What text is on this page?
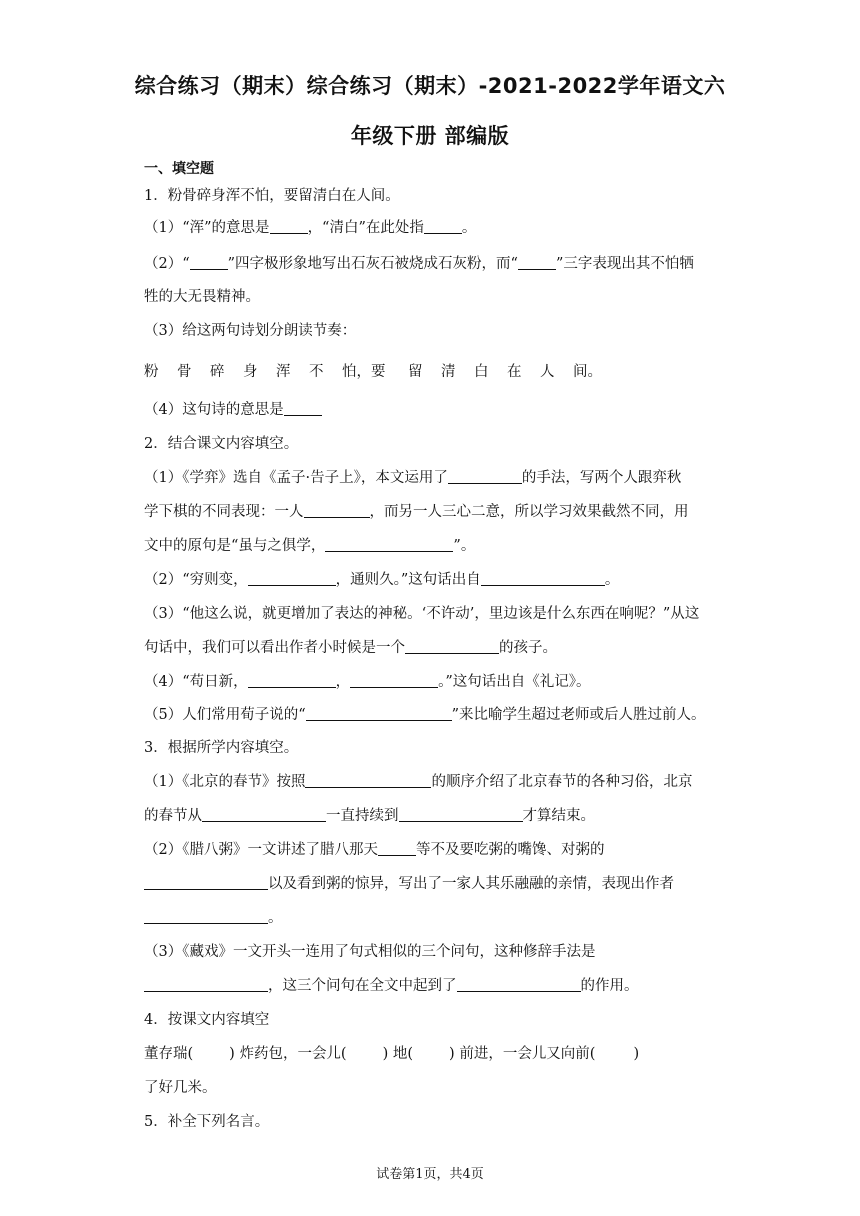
综合练习（期末）综合练习（期末）-2021-2022学年语文六
年级下册 部编版
一、填空题
1．粉骨碎身浑不怕，要留清白在人间。
（1）“浑”的意思是	，“清白”在此处指	。
（2）“	”四字极形象地写出石灰石被烧成石灰粉，而“	”三字表现出其不怕牺
牲的大无畏精神。
（3）给这两句诗划分朗读节奏：
粉 骨 碎 身 浑 不 怕，要 留 清 白 在 人 间。
（4）这句诗的意思是
2．结合课文内容填空。
（1）《学弈》选自《孟子·告子上》，本文运用了	的手法，写两个人跟弈秋
学下棋的不同表现：一人	，而另一人三心二意，所以学习效果截然不同，用
文中的原句是“虽与之俱学，	”。
（2）“穷则变，	，通则久。”这句话出自	。
（3）“他这么说，就更增加了表达的神秘。‘不许动’，里边该是什么东西在响呢？”从这
句话中，我们可以看出作者小时候是一个	的孩子。
（4）“苟日新，	，	。”这句话出自《礼记》。
（5）人们常用荀子说的“	”来比喻学生超过老师或后人胜过前人。
3．根据所学内容填空。
（1）《北京的春节》按照	的顺序介绍了北京春节的各种习俗，北京
的春节从	一直持续到	才算结束。
（2）《腊八粥》一文讲述了腊八那天	等不及要吃粥的嘴馋、对粥的
以及看到粥的惊异，写出了一家人其乐融融的亲情，表现出作者
。
（3）《藏戏》一文开头一连用了句式相似的三个问句，这种修辞手法是
，这三个问句在全文中起到了	的作用。
4．按课文内容填空
董存瑞( ) 炸药包，一会儿( ) 地( ) 前进，一会儿又向前(	)
了好几米。
5．补全下列名言。
试卷第1页，共4页
